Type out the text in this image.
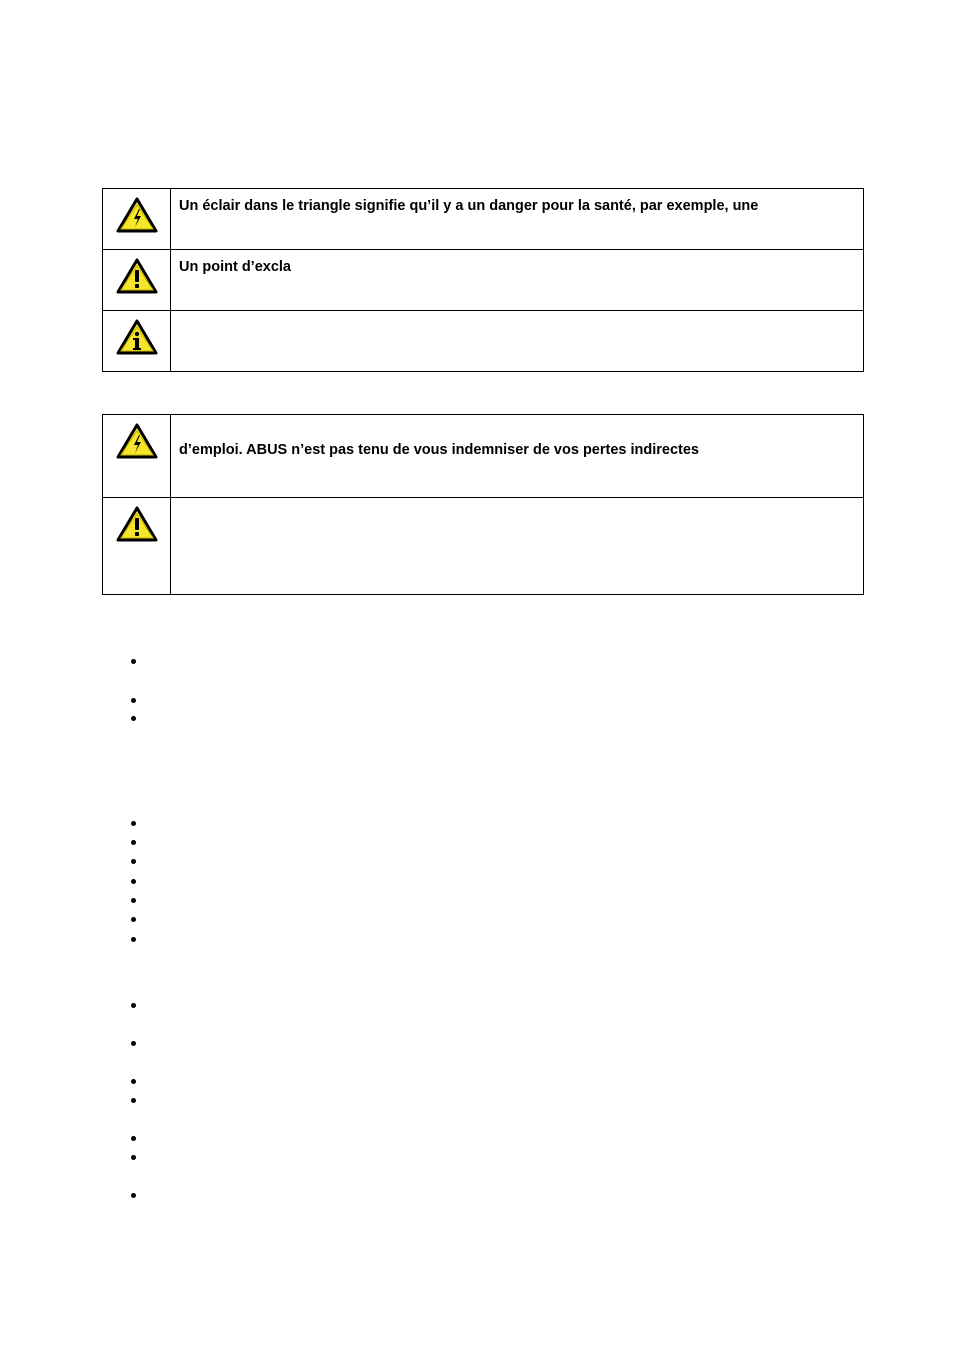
	Un éclair dans le triangle signifie qu’il y a un danger pour la santé, par exemple, une

	Un point d’excla

	d’emploi. ABUS n’est pas tenu de vous indemniser de vos pertes indirectes
